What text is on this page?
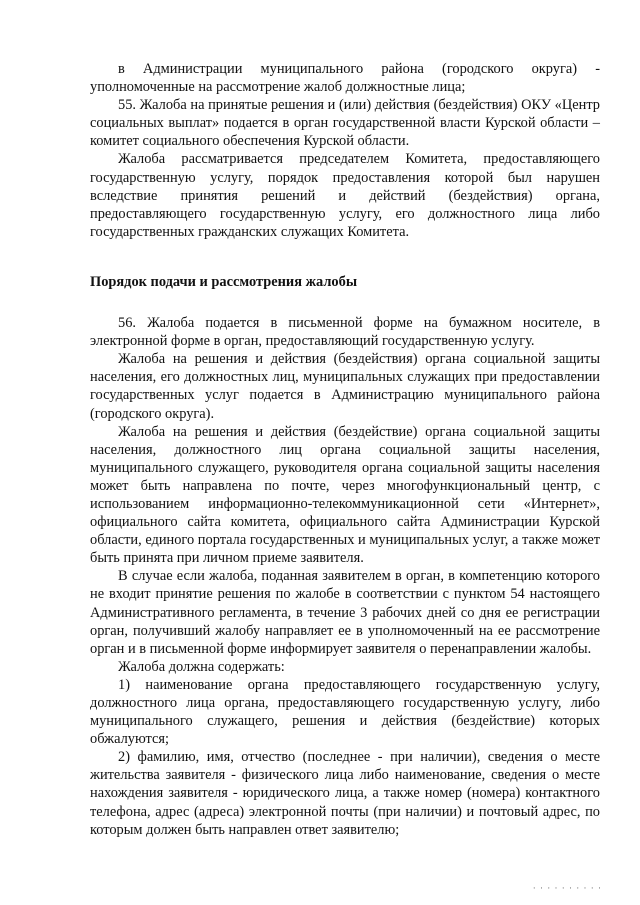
в Администрации муниципального района (городского округа) - уполномоченные на рассмотрение жалоб должностные лица;

55. Жалоба на принятые решения и (или) действия (бездействия) ОКУ «Центр социальных выплат» подается в орган государственной власти Курской области – комитет социального обеспечения Курской области.

Жалоба рассматривается председателем Комитета, предоставляющего государственную услугу, порядок предоставления которой был нарушен вследствие принятия решений и действий (бездействия) органа, предоставляющего государственную услугу, его должностного лица либо государственных гражданских служащих Комитета.

Порядок подачи и рассмотрения жалобы

56. Жалоба подается в письменной форме на бумажном носителе, в электронной форме в орган, предоставляющий государственную услугу.

Жалоба на решения и действия (бездействия) органа социальной защиты населения, его должностных лиц, муниципальных служащих при предоставлении государственных услуг подается в Администрацию муниципального района (городского округа).

Жалоба на решения и действия (бездействие) органа социальной защиты населения, должностного лиц органа социальной защиты населения, муниципального служащего, руководителя органа социальной защиты населения может быть направлена по почте, через многофункциональный центр, с использованием информационно-телекоммуникационной сети «Интернет», официального сайта комитета, официального сайта Администрации Курской области, единого портала государственных и муниципальных услуг, а также может быть принята при личном приеме заявителя.

В случае если жалоба, поданная заявителем в орган, в компетенцию которого не входит принятие решения по жалобе в соответствии с пунктом 54 настоящего Административного регламента, в течение 3 рабочих дней со дня ее регистрации орган, получивший жалобу направляет ее в уполномоченный на ее рассмотрение орган и в письменной форме информирует заявителя о перенаправлении жалобы.

Жалоба должна содержать:

1) наименование органа предоставляющего государственную услугу, должностного лица органа, предоставляющего государственную услугу, либо муниципального служащего, решения и действия (бездействие) которых обжалуются;

2) фамилию, имя, отчество (последнее - при наличии), сведения о месте жительства заявителя - физического лица либо наименование, сведения о месте нахождения заявителя - юридического лица, а также номер (номера) контактного телефона, адрес (адреса) электронной почты (при наличии) и почтовый адрес, по которым должен быть направлен ответ заявителю;

· · · · · · · · · ·
